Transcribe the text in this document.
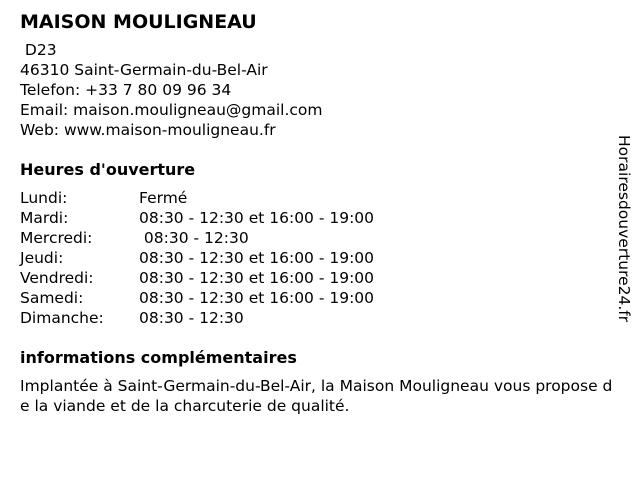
MAISON MOULIGNEAU
D23
46310 Saint-Germain-du-Bel-Air
Telefon: +33 7 80 09 96 34
Email: maison.mouligneau@gmail.com
Web: www.maison-mouligneau.fr
Heures d'ouverture
Lundi:	Fermé
Mardi:	08:30 - 12:30 et 16:00 - 19:00
Mercredi:	08:30 - 12:30
Jeudi:	08:30 - 12:30 et 16:00 - 19:00
Vendredi:	08:30 - 12:30 et 16:00 - 19:00
Samedi:	08:30 - 12:30 et 16:00 - 19:00
Dimanche:	08:30 - 12:30
informations complémentaires
Implantée à Saint-Germain-du-Bel-Air, la Maison Mouligneau vous propose de la viande et de la charcuterie de qualité.
Horairesdouverture24.fr
